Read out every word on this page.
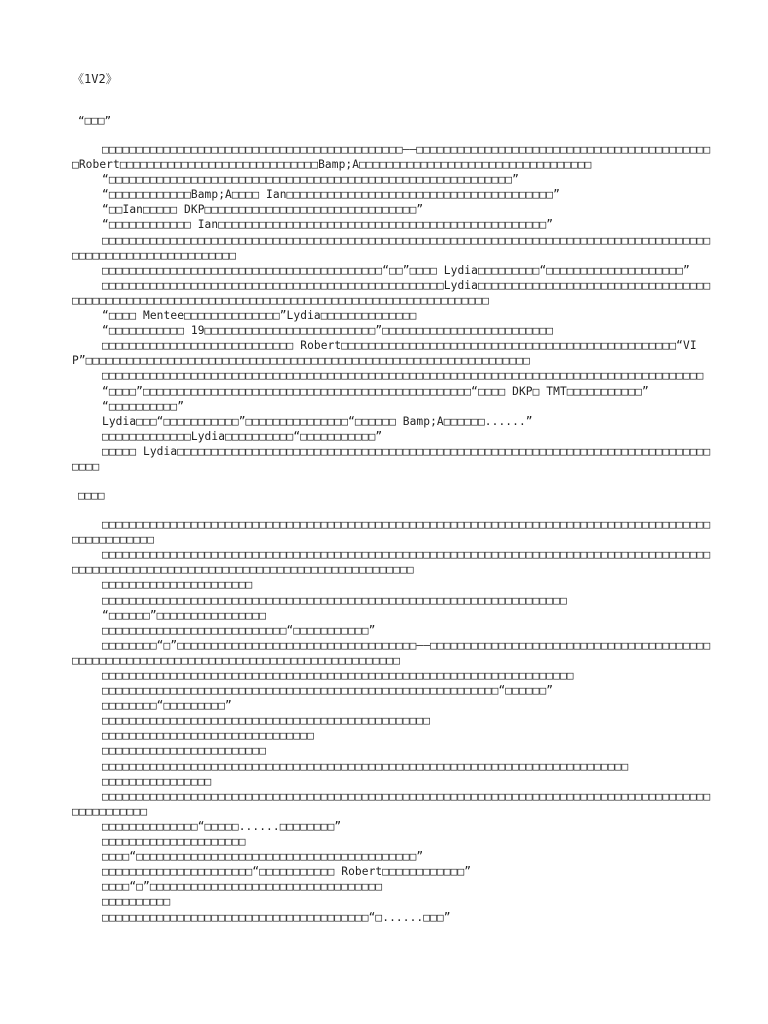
《1V2》
“□□□”

□□□□□□□□□□□□□□□□□□□□□□□□□□□□□□□□□□□□□□□□□□□□——□□□□□□□□□□□□□□□□□□□□□□□□□□□□□□□□□□□□□□□□□□□□Robert□□□□□□□□□□□□□□□□□□□□□□□□□□□□□Bamp;A□□□□□□□□□□□□□□□□□□□□□□□□□□□□□□□□□□

“□□□□□□□□□□□□□□□□□□□□□□□□□□□□□□□□□□□□□□□□□□□□□□□□□□□□□□□□□□□”

“□□□□□□□□□□□□Bamp;A□□□□ Ian□□□□□□□□□□□□□□□□□□□□□□□□□□□□□□□□□□□□□□□”

“□□Ian□□□□□ DKP□□□□□□□□□□□□□□□□□□□□□□□□□□□□□□□”

“□□□□□□□□□□□□ Ian□□□□□□□□□□□□□□□□□□□□□□□□□□□□□□□□□□□□□□□□□□□□□□□□”

□□□□□□□□□□□□□□□□□□□□□□□□□□□□□□□□□□□□□□□□□□□□□□□□□□□□□□□□□□□□□□□□□□□□□□□□□□□□□□□□□□□□□□□□□□□□□□□□□□□□□□□□□□□□□□□□□

□□□□□□□□□□□□□□□□□□□□□□□□□□□□□□□□□□□□□□□□□“□□”□□□□ Lydia□□□□□□□□□“□□□□□□□□□□□□□□□□□□□□”

□□□□□□□□□□□□□□□□□□□□□□□□□□□□□□□□□□□□□□□□□□□□□□□□□□Lydia□□□□□□□□□□□□□□□□□□□□□□□□□□□□□□□□□□□□□□□□□□□□□□□□□□□□□□□□□□□□□□□□□□□□□□□□□□□□□□□□□□□□□□□□□□□□□□□

“□□□□ Mentee□□□□□□□□□□□□□□”Lydia□□□□□□□□□□□□□□

“□□□□□□□□□□□ 19□□□□□□□□□□□□□□□□□□□□□□□□□”□□□□□□□□□□□□□□□□□□□□□□□□□

□□□□□□□□□□□□□□□□□□□□□□□□□□□□ Robert□□□□□□□□□□□□□□□□□□□□□□□□□□□□□□□□□□□□□□□□□□□□□□□□□“VIP”□□□□□□□□□□□□□□□□□□□□□□□□□□□□□□□□□□□□□□□□□□□□□□□□□□□□□□□□□□□□□□□□□

□□□□□□□□□□□□□□□□□□□□□□□□□□□□□□□□□□□□□□□□□□□□□□□□□□□□□□□□□□□□□□□□□□□□□□□□□□□□□□□□□□□□□□□□

“□□□□”□□□□□□□□□□□□□□□□□□□□□□□□□□□□□□□□□□□□□□□□□□□□□□□□“□□□□ DKP□ TMT□□□□□□□□□□□”

“□□□□□□□□□□”

Lydia□□□“□□□□□□□□□□□”□□□□□□□□□□□□□□□“□□□□□□ Bamp;A□□□□□□......”

□□□□□□□□□□□□□Lydia□□□□□□□□□□“□□□□□□□□□□□”

□□□□□ Lydia□□□□□□□□□□□□□□□□□□□□□□□□□□□□□□□□□□□□□□□□□□□□□□□□□□□□□□□□□□□□□□□□□□□□□□□□□□□□□□□□□□

□□□□

□□□□□□□□□□□□□□□□□□□□□□□□□□□□□□□□□□□□□□□□□□□□□□□□□□□□□□□□□□□□□□□□□□□□□□□□□□□□□□□□□□□□□□□□□□□□□□□□□□□□□

□□□□□□□□□□□□□□□□□□□□□□□□□□□□□□□□□□□□□□□□□□□□□□□□□□□□□□□□□□□□□□□□□□□□□□□□□□□□□□□□□□□□□□□□□□□□□□□□□□□□□□□□□□□□□□□□□□□□□□□□□□□□□□□□□□□□□□□□□□□

□□□□□□□□□□□□□□□□□□□□□□

□□□□□□□□□□□□□□□□□□□□□□□□□□□□□□□□□□□□□□□□□□□□□□□□□□□□□□□□□□□□□□□□□□□□

“□□□□□□”□□□□□□□□□□□□□□□□

□□□□□□□□□□□□□□□□□□□□□□□□□□□“□□□□□□□□□□□”

□□□□□□□□“□”□□□□□□□□□□□□□□□□□□□□□□□□□□□□□□□□□□□——□□□□□□□□□□□□□□□□□□□□□□□□□□□□□□□□□□□□□□□□□□□□□□□□□□□□□□□□□□□□□□□□□□□□□□□□□□□□□□□□□□□□□□□□□

□□□□□□□□□□□□□□□□□□□□□□□□□□□□□□□□□□□□□□□□□□□□□□□□□□□□□□□□□□□□□□□□□□□□□

□□□□□□□□□□□□□□□□□□□□□□□□□□□□□□□□□□□□□□□□□□□□□□□□□□□□□□□□□□“□□□□□□”

□□□□□□□□“□□□□□□□□□”

□□□□□□□□□□□□□□□□□□□□□□□□□□□□□□□□□□□□□□□□□□□□□□□□

□□□□□□□□□□□□□□□□□□□□□□□□□□□□□□□

□□□□□□□□□□□□□□□□□□□□□□□□

□□□□□□□□□□□□□□□□□□□□□□□□□□□□□□□□□□□□□□□□□□□□□□□□□□□□□□□□□□□□□□□□□□□□□□□□□□□□□

□□□□□□□□□□□□□□□□

□□□□□□□□□□□□□□□□□□□□□□□□□□□□□□□□□□□□□□□□□□□□□□□□□□□□□□□□□□□□□□□□□□□□□□□□□□□□□□□□□□□□□□□□□□□□□□□□□□□□

□□□□□□□□□□□□□□“□□□□□......□□□□□□□□”

□□□□□□□□□□□□□□□□□□□□□

□□□□“□□□□□□□□□□□□□□□□□□□□□□□□□□□□□□□□□□□□□□□□□”

□□□□□□□□□□□□□□□□□□□□□□“□□□□□□□□□□□ Robert□□□□□□□□□□□□”

□□□□“□”□□□□□□□□□□□□□□□□□□□□□□□□□□□□□□□□□□

□□□□□□□□□□

□□□□□□□□□□□□□□□□□□□□□□□□□□□□□□□□□□□□□□□“□......□□□”
